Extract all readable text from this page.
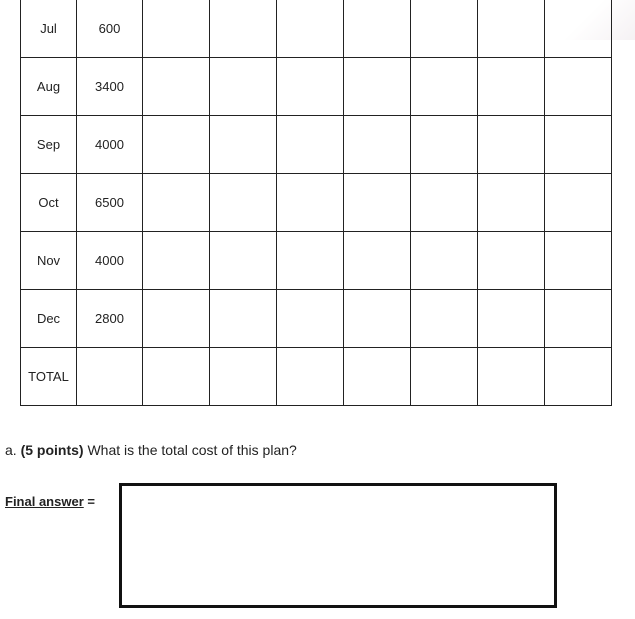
Jul	600							
Aug	3400							
Sep	4000							
Oct	6500							
Nov	4000							
Dec	2800							
TOTAL								
a. (5 points) What is the total cost of this plan?
Final answer =
